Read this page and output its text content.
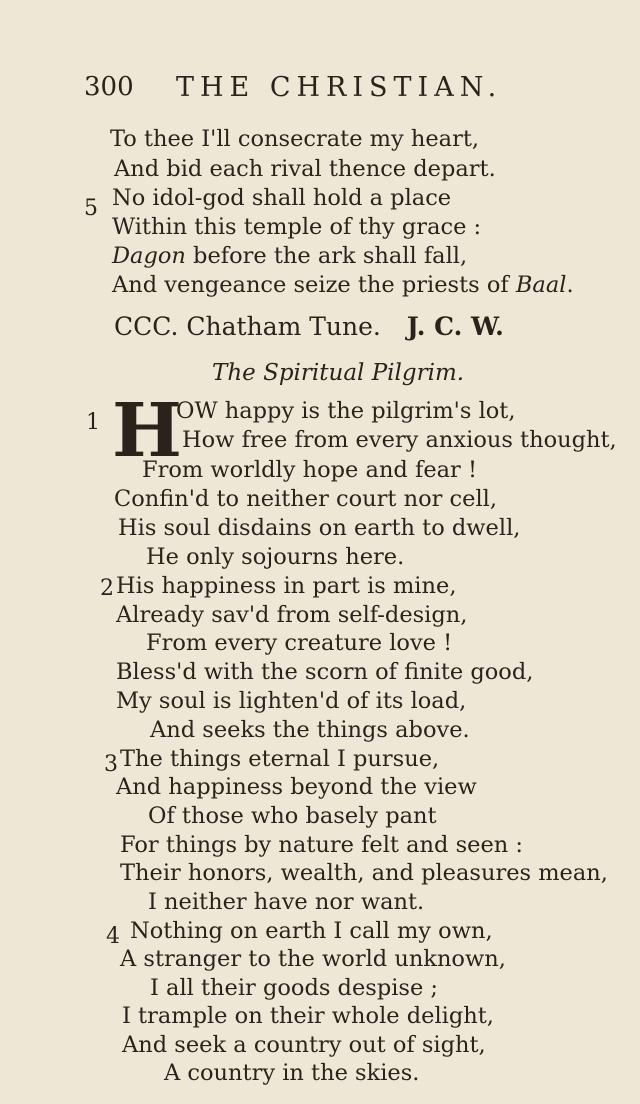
300 THE CHRISTIAN.
To thee I'll consecrate my heart,
And bid each rival thence depart.
5 No idol-god shall hold a place
Within this temple of thy grace :
Dagon before the ark shall fall,
And vengeance seize the priests of Baal.
CCC. Chatham Tune. J. C. W.
The Spiritual Pilgrim.
1 H
OW happy is the pilgrim's lot,
How free from every anxious thought,
From worldly hope and fear !
Confin'd to neither court nor cell,
His soul disdains on earth to dwell,
He only sojourns here.
2 His happiness in part is mine,
Already sav'd from self-design,
From every creature love !
Bless'd with the scorn of finite good,
My soul is lighten'd of its load,
And seeks the things above.
3 The things eternal I pursue,
And happiness beyond the view
Of those who basely pant
For things by nature felt and seen :
Their honors, wealth, and pleasures mean,
I neither have nor want.
4 Nothing on earth I call my own,
A stranger to the world unknown,
I all their goods despise ;
I trample on their whole delight,
And seek a country out of sight,
A country in the skies.
